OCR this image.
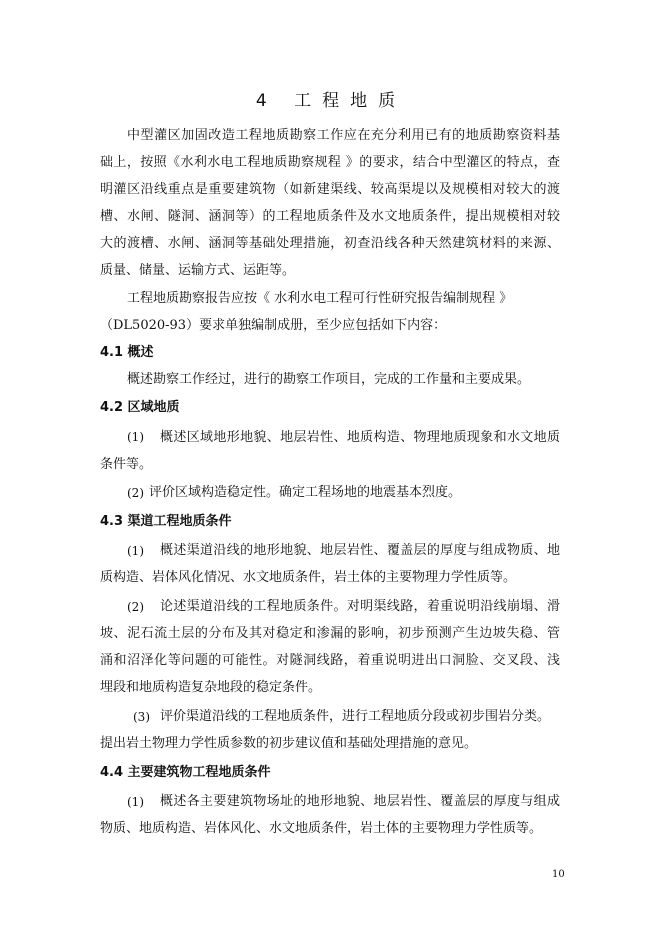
4 工程地质
中型灌区加固改造工程地质勘察工作应在充分利用已有的地质勘察资料基
础上，按照《水利水电工程地质勘察规程 》的要求，结合中型灌区的特点，查
明灌区沿线重点是重要建筑物（如新建渠线、较高渠堤以及规模相对较大的渡
槽、水闸、隧洞、涵洞等）的工程地质条件及水文地质条件，提出规模相对较
大的渡槽、水闸、涵洞等基础处理措施，初查沿线各种天然建筑材料的来源、
质量、储量、运输方式、运距等。
工程地质勘察报告应按《 水利水电工程可行性研究报告编制规程 》
（DL5020-93）要求单独编制成册，至少应包括如下内容：
4.1 概述
概述勘察工作经过，进行的勘察工作项目，完成的工作量和主要成果。
4.2 区域地质
(1) 概述区域地形地貌、地层岩性、地质构造、物理地质现象和水文地质
条件等。
(2) 评价区域构造稳定性。确定工程场地的地震基本烈度。
4.3 渠道工程地质条件
(1) 概述渠道沿线的地形地貌、地层岩性、覆盖层的厚度与组成物质、地
质构造、岩体风化情况、水文地质条件，岩土体的主要物理力学性质等。
(2) 论述渠道沿线的工程地质条件。对明渠线路，着重说明沿线崩塌、滑
坡、泥石流土层的分布及其对稳定和渗漏的影响，初步预测产生边坡失稳、管
涌和沼泽化等问题的可能性。对隧洞线路，着重说明进出口洞脸、交叉段、浅
埋段和地质构造复杂地段的稳定条件。
(3) 评价渠道沿线的工程地质条件，进行工程地质分段或初步围岩分类。
提出岩土物理力学性质参数的初步建议值和基础处理措施的意见。
4.4 主要建筑物工程地质条件
(1) 概述各主要建筑物场址的地形地貌、地层岩性、覆盖层的厚度与组成
物质、地质构造、岩体风化、水文地质条件，岩土体的主要物理力学性质等。
10
